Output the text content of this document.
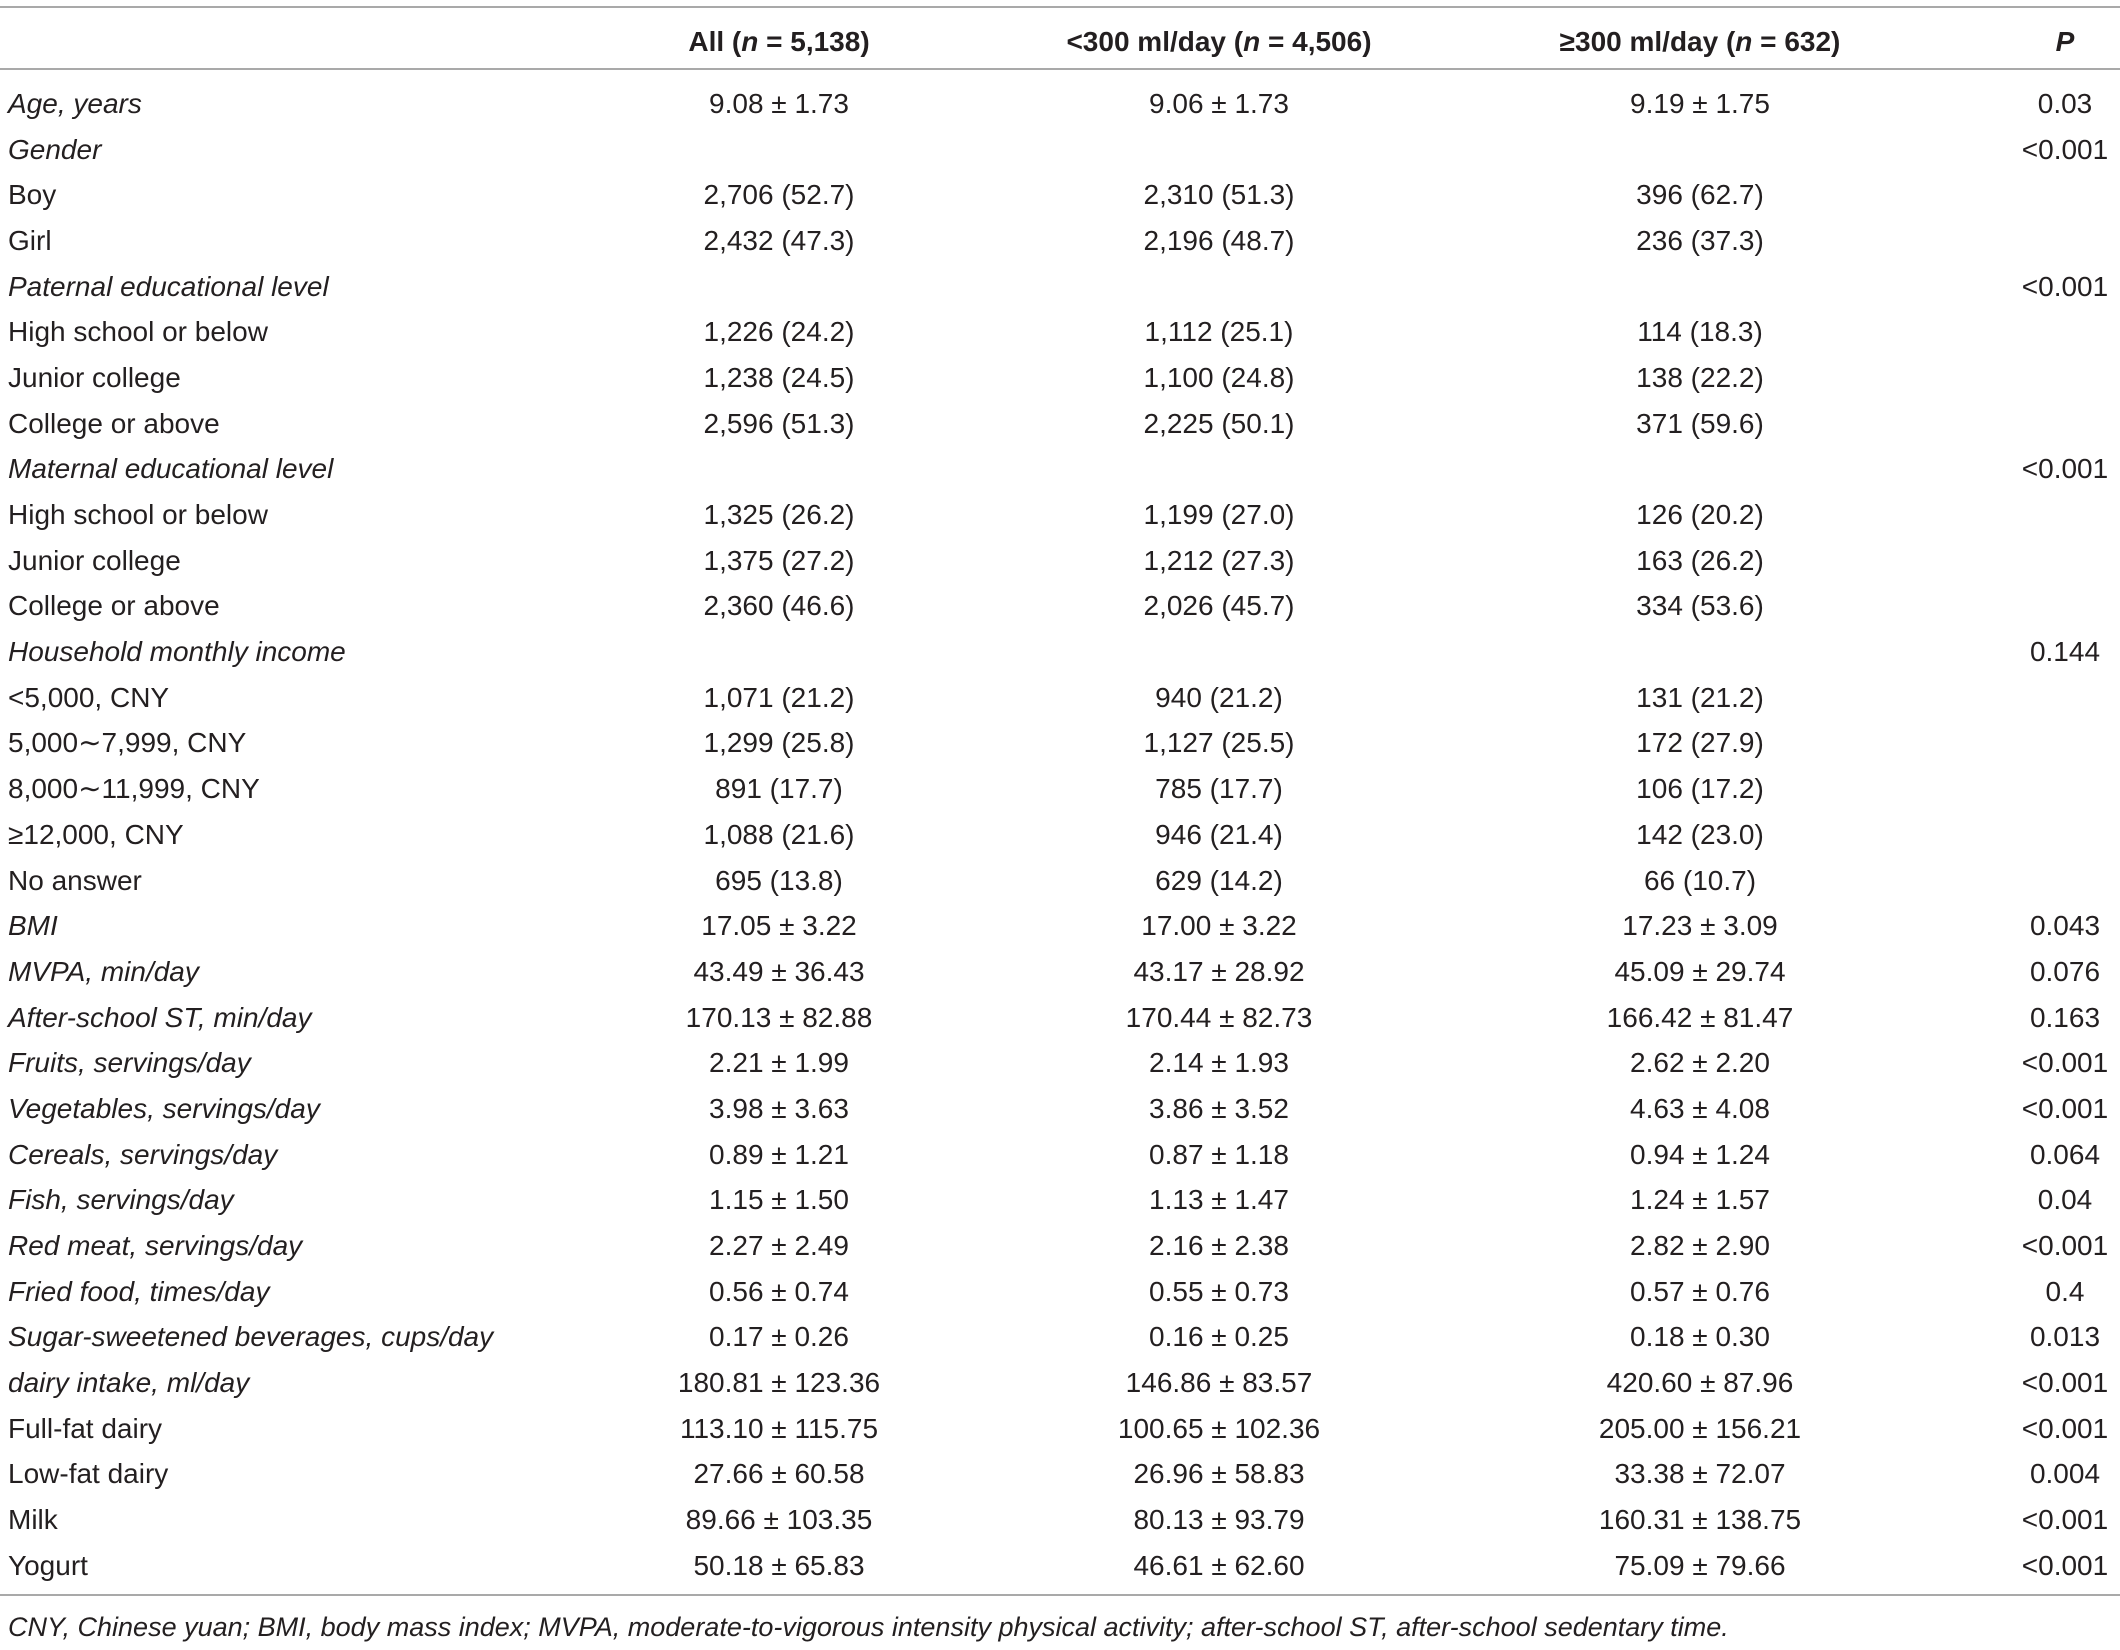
	All (n = 5,138)	<300 ml/day (n = 4,506)	≥300 ml/day (n = 632)	P
Age, years	9.08 ± 1.73	9.06 ± 1.73	9.19 ± 1.75	0.03
Gender				<0.001
Boy	2,706 (52.7)	2,310 (51.3)	396 (62.7)	
Girl	2,432 (47.3)	2,196 (48.7)	236 (37.3)	
Paternal educational level				<0.001
High school or below	1,226 (24.2)	1,112 (25.1)	114 (18.3)	
Junior college	1,238 (24.5)	1,100 (24.8)	138 (22.2)	
College or above	2,596 (51.3)	2,225 (50.1)	371 (59.6)	
Maternal educational level				<0.001
High school or below	1,325 (26.2)	1,199 (27.0)	126 (20.2)	
Junior college	1,375 (27.2)	1,212 (27.3)	163 (26.2)	
College or above	2,360 (46.6)	2,026 (45.7)	334 (53.6)	
Household monthly income				0.144
<5,000, CNY	1,071 (21.2)	940 (21.2)	131 (21.2)	
5,000∼7,999, CNY	1,299 (25.8)	1,127 (25.5)	172 (27.9)	
8,000∼11,999, CNY	891 (17.7)	785 (17.7)	106 (17.2)	
≥12,000, CNY	1,088 (21.6)	946 (21.4)	142 (23.0)	
No answer	695 (13.8)	629 (14.2)	66 (10.7)	
BMI	17.05 ± 3.22	17.00 ± 3.22	17.23 ± 3.09	0.043
MVPA, min/day	43.49 ± 36.43	43.17 ± 28.92	45.09 ± 29.74	0.076
After-school ST, min/day	170.13 ± 82.88	170.44 ± 82.73	166.42 ± 81.47	0.163
Fruits, servings/day	2.21 ± 1.99	2.14 ± 1.93	2.62 ± 2.20	<0.001
Vegetables, servings/day	3.98 ± 3.63	3.86 ± 3.52	4.63 ± 4.08	<0.001
Cereals, servings/day	0.89 ± 1.21	0.87 ± 1.18	0.94 ± 1.24	0.064
Fish, servings/day	1.15 ± 1.50	1.13 ± 1.47	1.24 ± 1.57	0.04
Red meat, servings/day	2.27 ± 2.49	2.16 ± 2.38	2.82 ± 2.90	<0.001
Fried food, times/day	0.56 ± 0.74	0.55 ± 0.73	0.57 ± 0.76	0.4
Sugar-sweetened beverages, cups/day	0.17 ± 0.26	0.16 ± 0.25	0.18 ± 0.30	0.013
dairy intake, ml/day	180.81 ± 123.36	146.86 ± 83.57	420.60 ± 87.96	<0.001
Full-fat dairy	113.10 ± 115.75	100.65 ± 102.36	205.00 ± 156.21	<0.001
Low-fat dairy	27.66 ± 60.58	26.96 ± 58.83	33.38 ± 72.07	0.004
Milk	89.66 ± 103.35	80.13 ± 93.79	160.31 ± 138.75	<0.001
Yogurt	50.18 ± 65.83	46.61 ± 62.60	75.09 ± 79.66	<0.001
CNY, Chinese yuan; BMI, body mass index; MVPA, moderate-to-vigorous intensity physical activity; after-school ST, after-school sedentary time.
